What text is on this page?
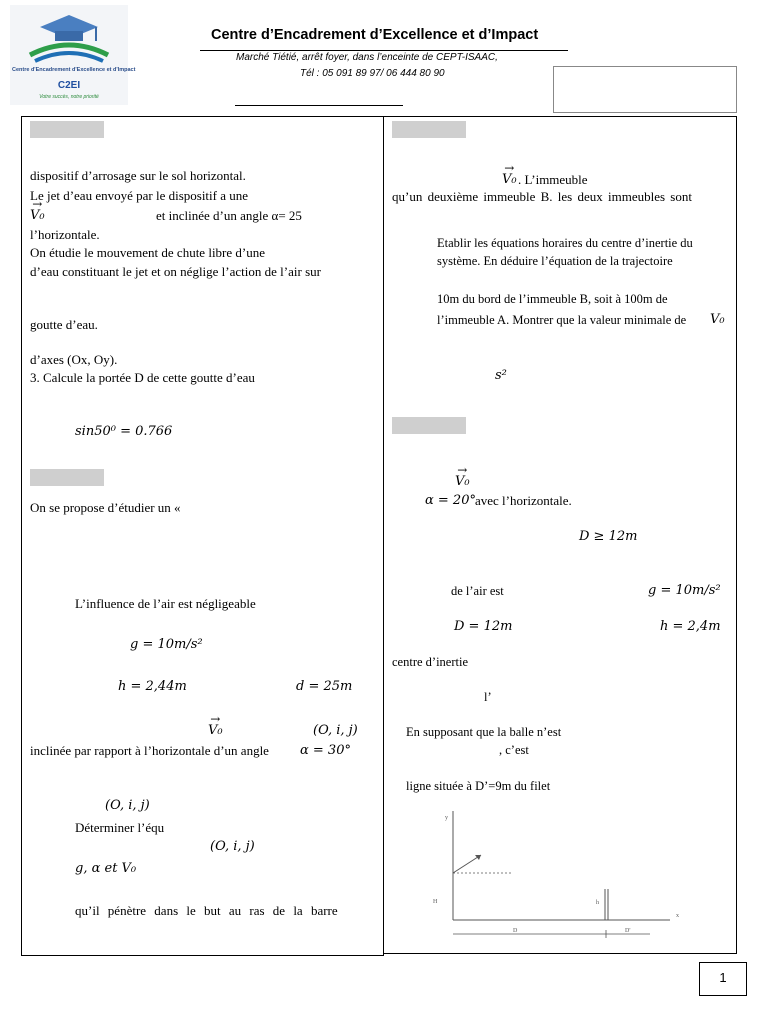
Centre d'Encadrement d'Excellence et d'Impact
C2EI
Votre succès, notre priorité
Centre d’Encadrement d’Excellence et d’Impact
Marché Tiétié, arrêt foyer, dans l’enceinte de CEPT-ISAAC,
Tél : 05 091 89 97/ 06 444 80 90
dispositif d’arrosage sur le sol horizontal.
Le jet d’eau envoyé par le dispositif a une
→ V₀	et inclinée d’un angle α= 25
l’horizontale.
On étudie le mouvement de chute libre d’une
d’eau constituant le jet et on néglige l’action de l’air sur
goutte d’eau.
d’axes (Ox, Oy).
3. Calcule la portée D de cette goutte d’eau
sin50⁰ = 0.766
On se propose d’étudier un «
L’influence de l’air est négligeable
g = 10m/s²
h = 2,44m	d = 25m
→ V₀	(O, i, j)
inclinée par rapport à l’horizontale d’un angle α = 30°
(O, i, j)
Déterminer l’équ
(O, i, j)
g, α et V₀
qu’il pénètre dans le but au ras de la barre
→ V₀ . L’immeuble
qu’un deuxième immeuble B. les deux immeubles sont
Etablir les équations horaires du centre d’inertie du
système. En déduire l’équation de la trajectoire
10m du bord de l’immeuble B, soit à 100m de
l’immeuble A. Montrer que la valeur minimale de V₀
s²
→ V₀
α = 20° avec l’horizontale.
D ≥ 12m
de l’air est	g = 10m/s²
D = 12m	h = 2,4m
centre d’inertie
l’
En supposant que la balle n’est
, c’est
ligne située à D’=9m du filet
y
H	h
x
D	D'
1
